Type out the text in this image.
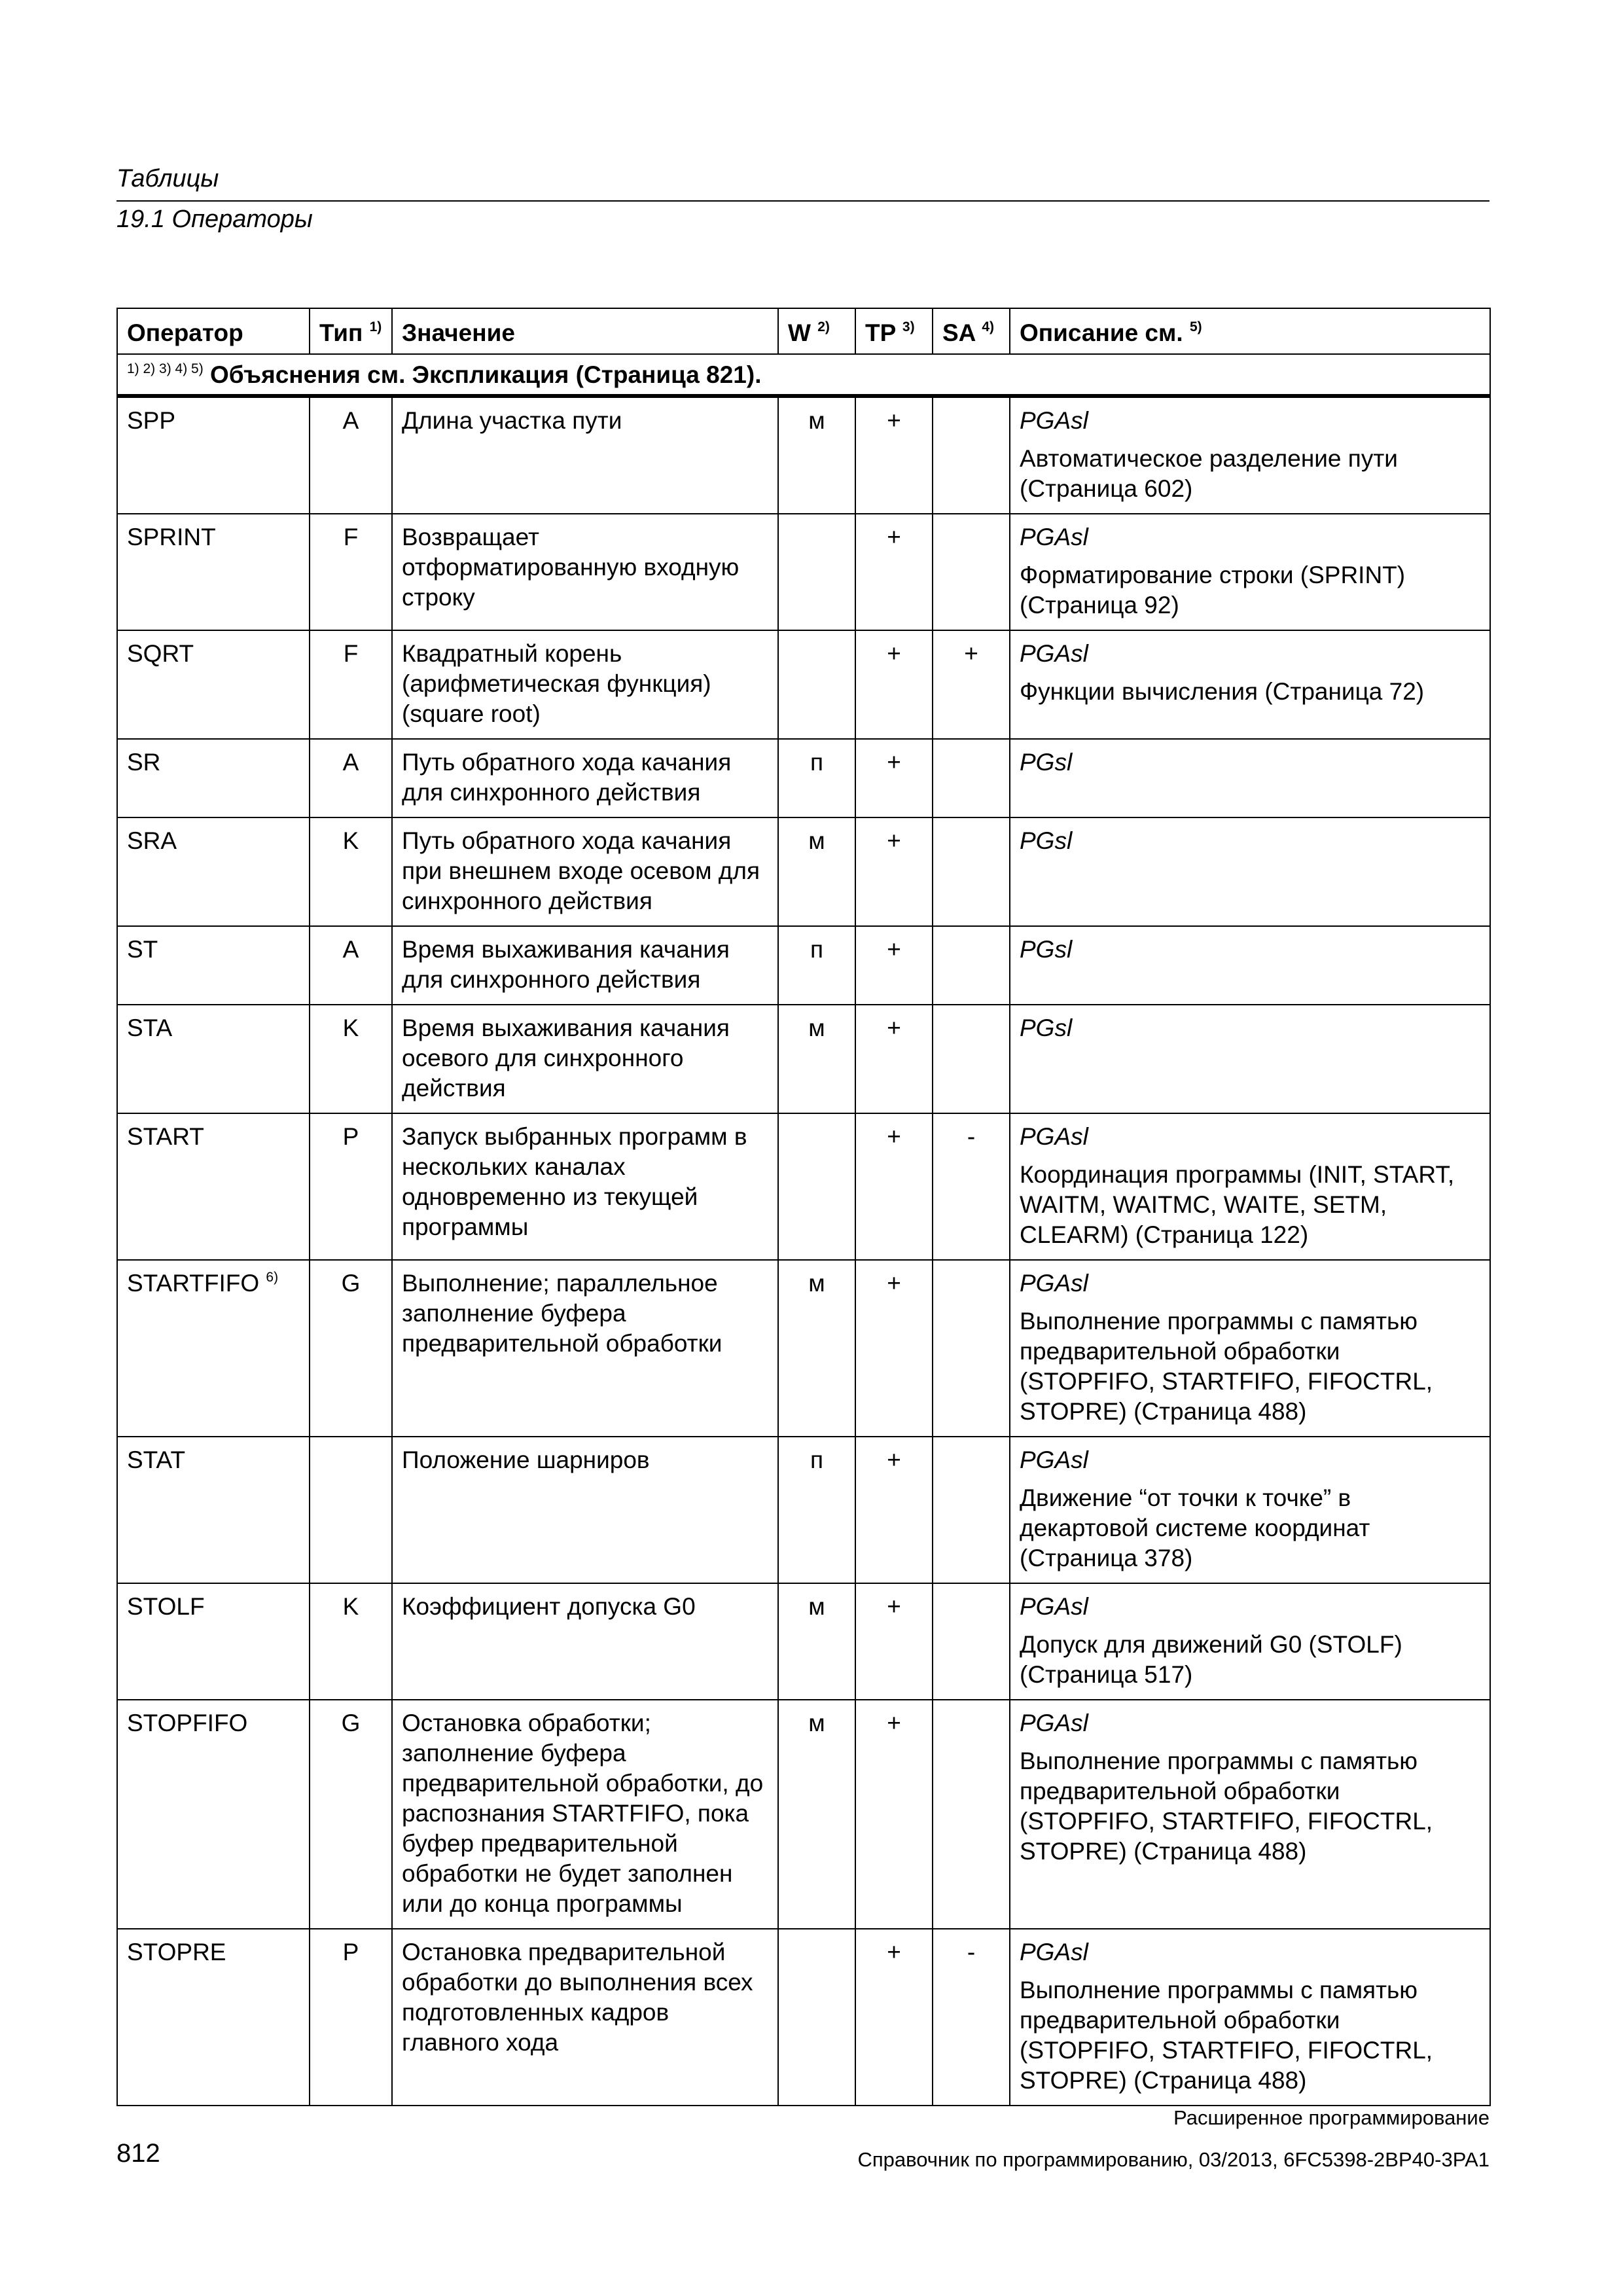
Таблицы
19.1 Операторы
Оператор	Тип $^{1)}$	Значение	W $^{2)}$	TP $^{3)}$	SA $^{4)}$	Описание см. $^{5)}$
$^{1) 2) 3) 4) 5)}$ Объяснения см. Экспликация (Страница 821).						
SPP	A	Длина участка пути	м	+		PGAsl
Автоматическое разделение пути (Страница 602)

SPRINT	F	Возвращает отформатированную входную строку		+		PGAsl
Форматирование строки (SPRINT) (Страница 92)

SQRT	F	Квадратный корень (арифметическая функция) (square root)		+	+	PGAsl
Функции вычисления (Страница 72)

SR	A	Путь обратного хода качания для синхронного действия	п	+		PGsl

SRA	K	Путь обратного хода качания при внешнем входе осевом для синхронного действия	м	+		PGsl

ST	A	Время выхаживания качания для синхронного действия	п	+		PGsl

STA	K	Время выхаживания качания осевого для синхронного действия	м	+		PGsl

START	P	Запуск выбранных программ в нескольких каналах одновременно из текущей программы		+	-	PGAsl
Координация программы (INIT, START, WAITM, WAITMC, WAITE, SETM, CLEARM) (Страница 122)

STARTFIFO $^{6)}$	G	Выполнение; параллельное заполнение буфера предварительной обработки	м	+		PGAsl
Выполнение программы с памятью предварительной обработки (STOPFIFO, STARTFIFO, FIFOCTRL, STOPRE) (Страница 488)

STAT		Положение шарниров	п	+		PGAsl
Движение “от точки к точке” в декартовой системе координат (Страница 378)

STOLF	K	Коэффициент допуска G0	м	+		PGAsl
Допуск для движений G0 (STOLF) (Страница 517)

STOPFIFO	G	Остановка обработки; заполнение буфера предварительной обработки, до распознания STARTFIFO, пока буфер предварительной обработки не будет заполнен или до конца программы	м	+		PGAsl
Выполнение программы с памятью предварительной обработки (STOPFIFO, STARTFIFO, FIFOCTRL, STOPRE) (Страница 488)

STOPRE	P	Остановка предварительной обработки до выполнения всех подготовленных кадров главного хода		+	-	PGAsl
Выполнение программы с памятью предварительной обработки (STOPFIFO, STARTFIFO, FIFOCTRL, STOPRE) (Страница 488)
Расширенное программирование
812	Справочник по программированию, 03/2013, 6FC5398-2BP40-3PA1
